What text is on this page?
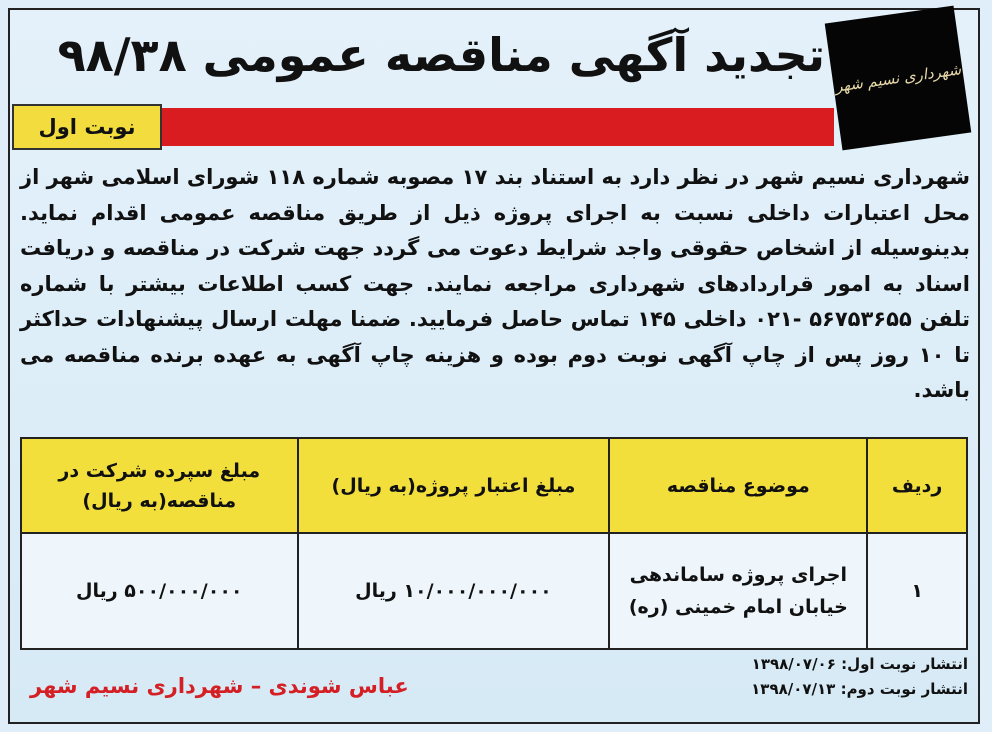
شهرداری نسیم شهر
تجدید آگهی مناقصه عمومی ۹۸/۳۸
نوبت اول
شهرداری نسیم شهر در نظر دارد به استناد بند ۱۷ مصوبه شماره ۱۱۸ شورای اسلامی شهر از محل اعتبارات داخلی نسبت به اجرای پروژه ذیل از طریق مناقصه عمومی اقدام نماید. بدینوسیله از اشخاص حقوقی واجد شرایط دعوت می گردد جهت شرکت در مناقصه و دریافت اسناد به امور قراردادهای شهرداری مراجعه نمایند. جهت کسب اطلاعات بیشتر با شماره تلفن ۵۶۷۵۳۶۵۵ -۰۲۱ داخلی ۱۴۵ تماس حاصل فرمایید. ضمنا مهلت ارسال پیشنهادات حداکثر تا ۱۰ روز پس از چاپ آگهی نوبت دوم بوده و هزینه چاپ آگهی به عهده برنده مناقصه می باشد.
ردیف	موضوع مناقصه	مبلغ اعتبار پروژه(به ریال)	مبلغ سپرده شرکت در مناقصه(به ریال)
۱	اجرای پروژه ساماندهی خیابان امام خمینی (ره)	۱۰/۰۰۰/۰۰۰/۰۰۰ ریال	۵۰۰/۰۰۰/۰۰۰ ریال
انتشار نوبت اول: ۱۳۹۸/۰۷/۰۶
انتشار نوبت دوم: ۱۳۹۸/۰۷/۱۳
عباس شوندی – شهرداری نسیم شهر
